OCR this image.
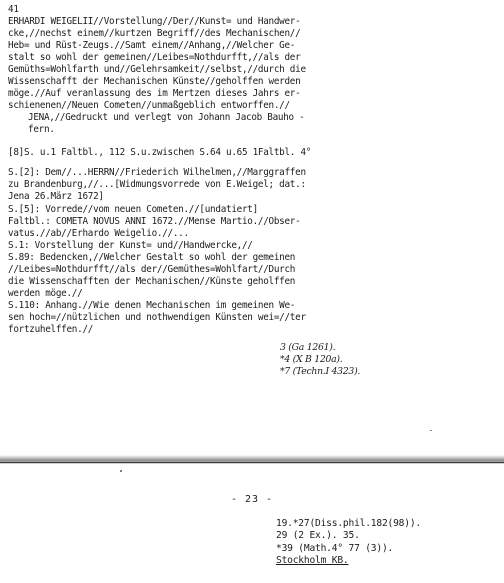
41
ERHARDI WEIGELII//Vorstellung//Der//Kunst= und Handwer-
cke,//nechst einem//kurtzen Begriff//des Mechanischen//
Heb= und Rüst-Zeugs.//Samt einem//Anhang,//Welcher Ge-
stalt so wohl der gemeinen//Leibes=Nothdurfft,//als der
Gemüths=Wohlfarth und//Gelehrsamkeit//selbst,//durch die
Wissenschafft der Mechanischen Künste//geholffen werden
möge.//Auf veranlassung des im Mertzen dieses Jahrs er-
schienenen//Neuen Cometen//unmaßgeblich entworffen.//
JENA,//Gedruckt und verlegt von Johann Jacob Bauho -
fern.
[8]S. u.1 Faltbl., 112 S.u.zwischen S.64 u.65 1Faltbl. 4°
S.[2]: Dem//...HERRN//Friederich Wilhelmen,//Marggraffen
zu Brandenburg,//...[Widmungsvorrede von E.Weigel; dat.:
Jena 26.März 1672]
S.[5]: Vorrede//vom neuen Cometen.//[undatiert]
Faltbl.: COMETA NOVUS ANNI 1672.//Mense Martio.//Obser-
vatus.//ab//Erhardo Weigelio.//...
S.1: Vorstellung der Kunst= und//Handwercke,//
S.89: Bedencken,//Welcher Gestalt so wohl der gemeinen
//Leibes=Nothdurfft//als der//Gemüthes=Wohlfart//Durch
die Wissenschafften der Mechanischen//Künste geholffen
werden möge.//
S.110: Anhang.//Wie denen Mechanischen im gemeinen We-
sen hoch=//nützlichen und nothwendigen Künsten wei=//ter
fortzuhelffen.//
3 (Ga 1261).
*4 (X B 120a).
*7 (Techn.I 4323).
- 23 -
19.*27(Diss.phil.182(98)).
29 (2 Ex.). 35.
*39 (Math.4° 77 (3)).
Stockholm KB.
